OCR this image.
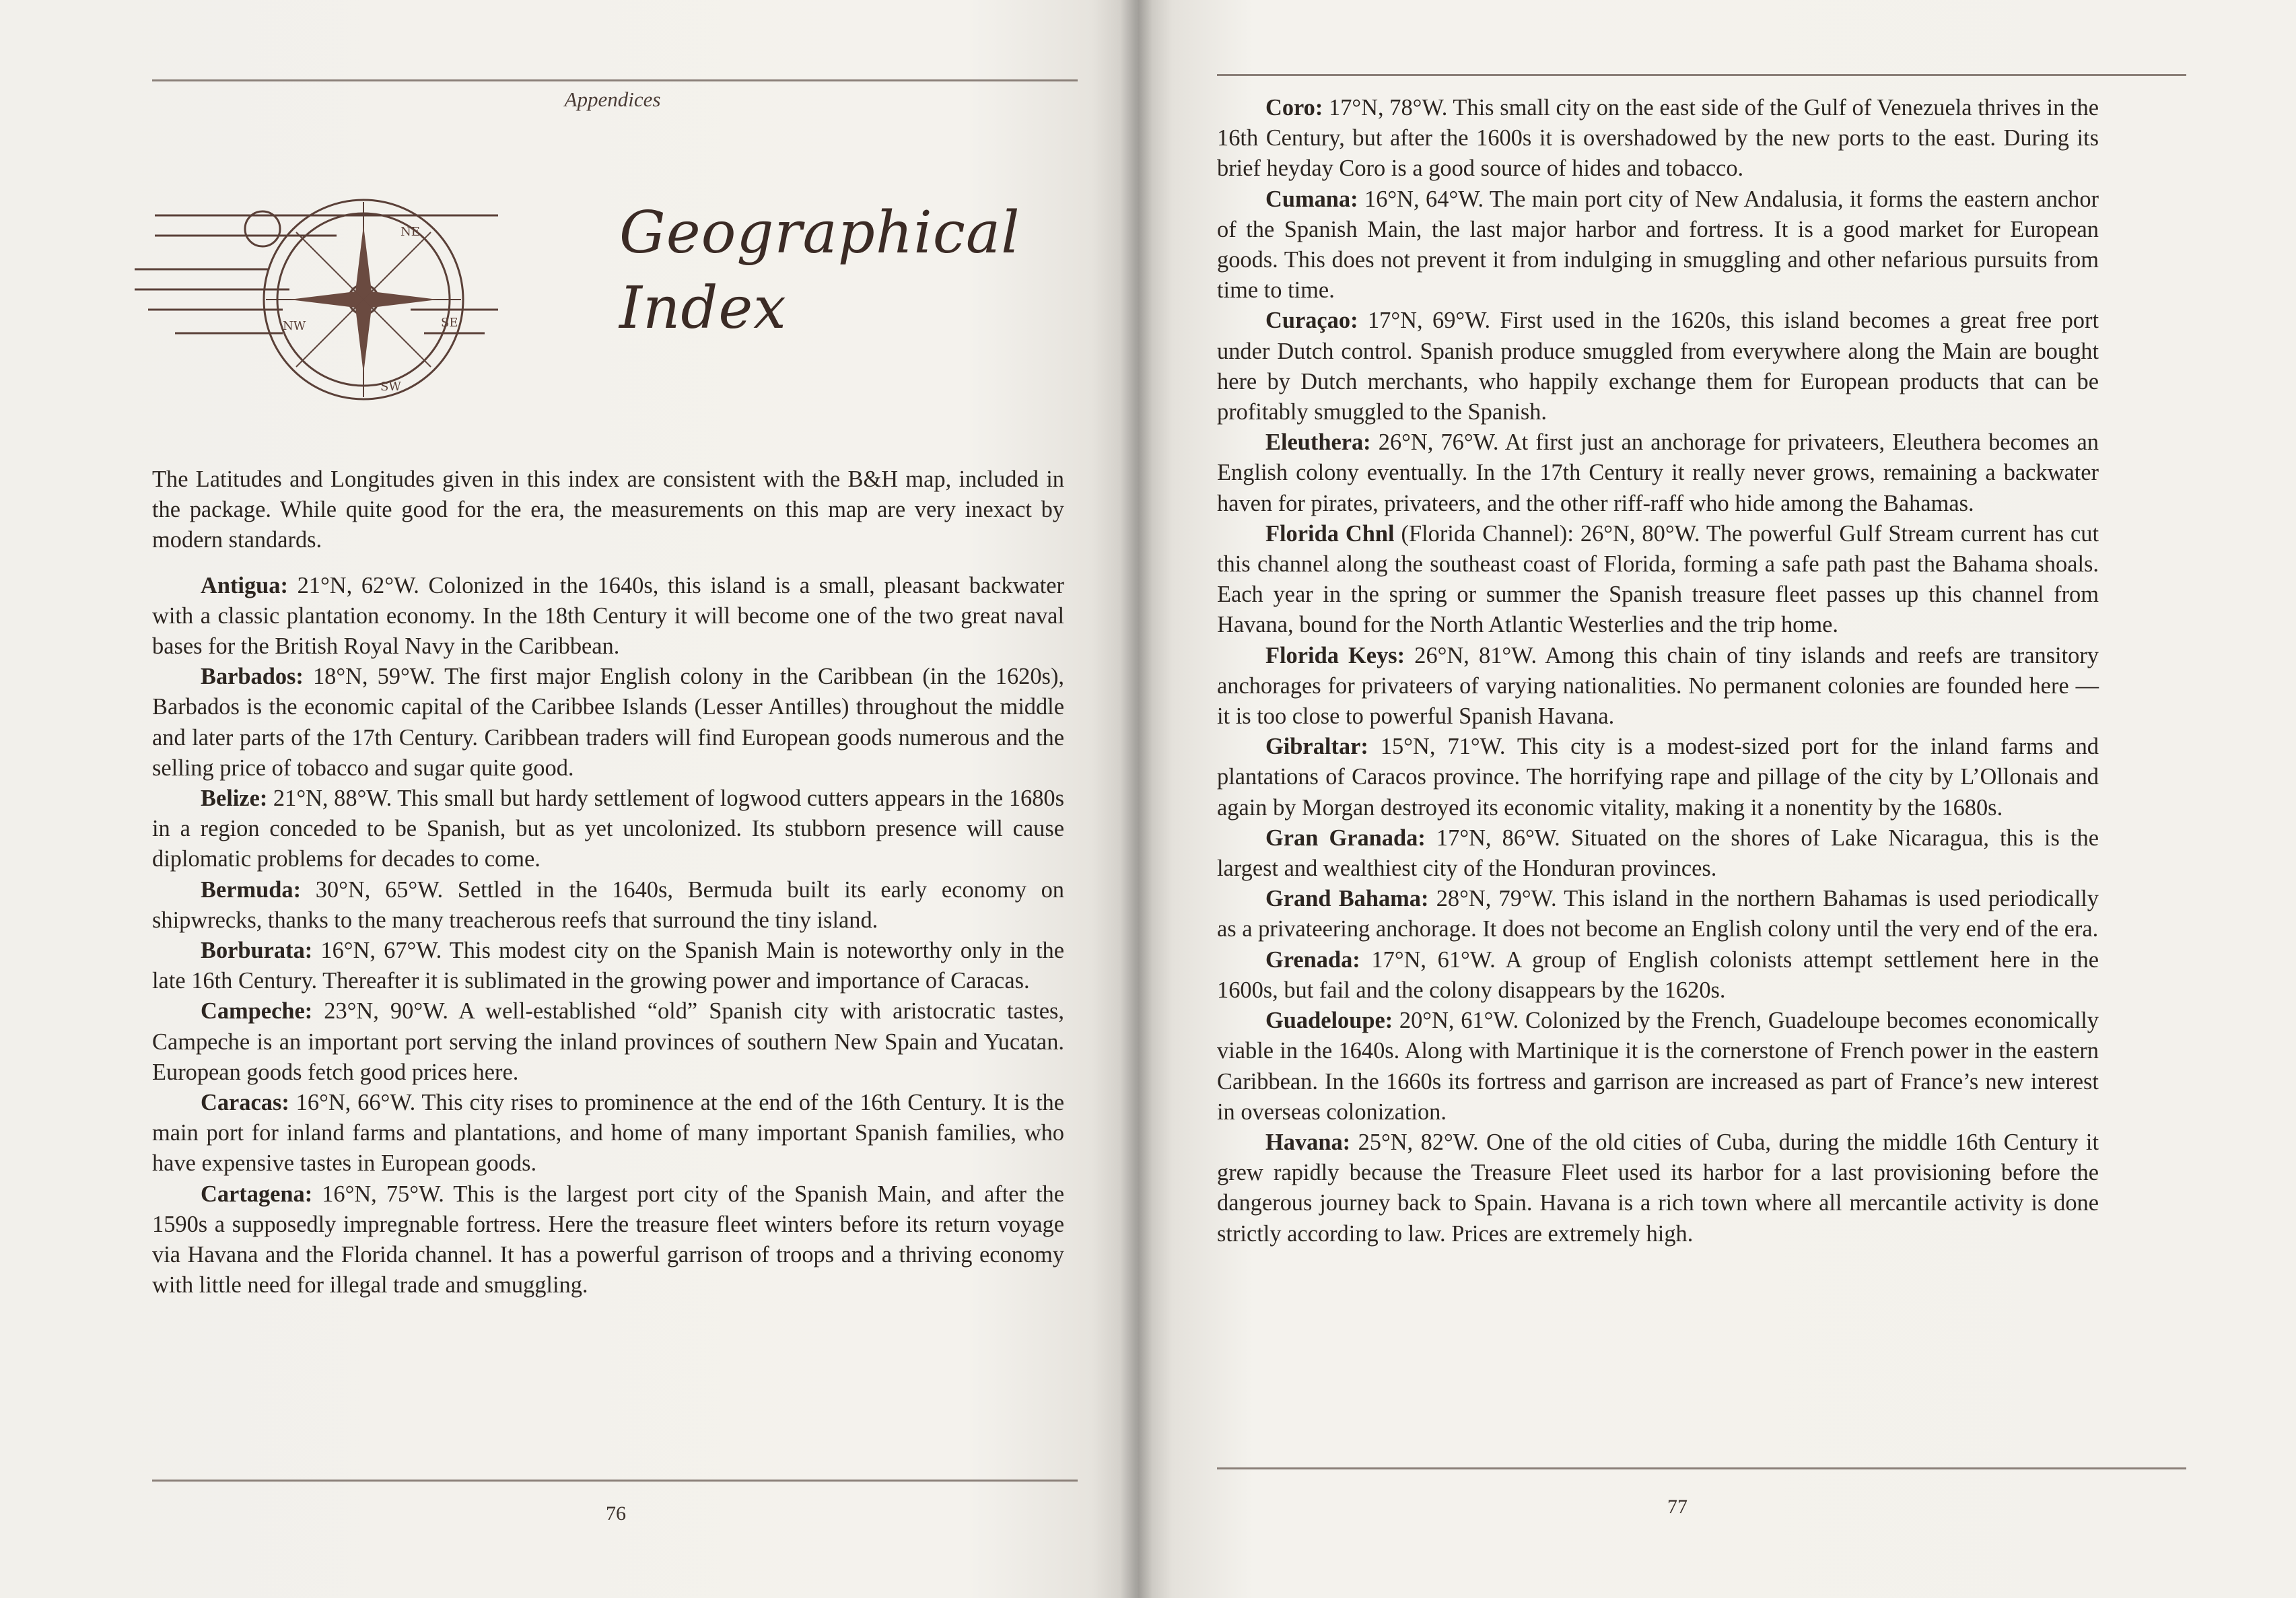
Appendices
NE
SE
NW
SW
Geographical
Index

The Latitudes and Longitudes given in this index are consistent with the B&H map, included in the package. While quite good for the era, the measurements on this map are very inexact by modern standards.

Antigua: 21°N, 62°W. Colonized in the 1640s, this island is a small, pleasant backwater with a classic plantation economy. In the 18th Century it will become one of the two great naval bases for the British Royal Navy in the Caribbean.

Barbados: 18°N, 59°W. The first major English colony in the Caribbean (in the 1620s), Barbados is the economic capital of the Caribbee Islands (Lesser Antilles) throughout the middle and later parts of the 17th Century. Caribbean traders will find European goods numerous and the selling price of tobacco and sugar quite good.

Belize: 21°N, 88°W. This small but hardy settlement of logwood cutters appears in the 1680s in a region conceded to be Spanish, but as yet uncolonized. Its stubborn presence will cause diplomatic problems for decades to come.

Bermuda: 30°N, 65°W. Settled in the 1640s, Bermuda built its early economy on shipwrecks, thanks to the many treacherous reefs that surround the tiny island.

Borburata: 16°N, 67°W. This modest city on the Spanish Main is noteworthy only in the late 16th Century. Thereafter it is sublimated in the growing power and importance of Caracas.

Campeche: 23°N, 90°W. A well-established “old” Spanish city with aristocratic tastes, Campeche is an important port serving the inland provinces of southern New Spain and Yucatan. European goods fetch good prices here.

Caracas: 16°N, 66°W. This city rises to prominence at the end of the 16th Century. It is the main port for inland farms and plantations, and home of many important Spanish families, who have expensive tastes in European goods.

Cartagena: 16°N, 75°W. This is the largest port city of the Spanish Main, and after the 1590s a supposedly impregnable fortress. Here the treasure fleet winters before its return voyage via Havana and the Florida channel. It has a powerful garrison of troops and a thriving economy with little need for illegal trade and smuggling.

76

Coro: 17°N, 78°W. This small city on the east side of the Gulf of Venezuela thrives in the 16th Century, but after the 1600s it is overshadowed by the new ports to the east. During its brief heyday Coro is a good source of hides and tobacco.

Cumana: 16°N, 64°W. The main port city of New Andalusia, it forms the eastern anchor of the Spanish Main, the last major harbor and fortress. It is a good market for European goods. This does not prevent it from indulging in smuggling and other nefarious pursuits from time to time.

Curaçao: 17°N, 69°W. First used in the 1620s, this island becomes a great free port under Dutch control. Spanish produce smuggled from everywhere along the Main are bought here by Dutch merchants, who happily exchange them for European products that can be profitably smuggled to the Spanish.

Eleuthera: 26°N, 76°W. At first just an anchorage for privateers, Eleuthera becomes an English colony eventually. In the 17th Century it really never grows, remaining a backwater haven for pirates, privateers, and the other riff-raff who hide among the Bahamas.

Florida Chnl (Florida Channel): 26°N, 80°W. The powerful Gulf Stream current has cut this channel along the southeast coast of Florida, forming a safe path past the Bahama shoals. Each year in the spring or summer the Spanish treasure fleet passes up this channel from Havana, bound for the North Atlantic Westerlies and the trip home.

Florida Keys: 26°N, 81°W. Among this chain of tiny islands and reefs are transitory anchorages for privateers of varying nationalities. No permanent colonies are founded here — it is too close to powerful Spanish Havana.

Gibraltar: 15°N, 71°W. This city is a modest-sized port for the inland farms and plantations of Caracos province. The horrifying rape and pillage of the city by L’Ollonais and again by Morgan destroyed its economic vitality, making it a nonentity by the 1680s.

Gran Granada: 17°N, 86°W. Situated on the shores of Lake Nicaragua, this is the largest and wealthiest city of the Honduran provinces.

Grand Bahama: 28°N, 79°W. This island in the northern Bahamas is used periodically as a privateering anchorage. It does not become an English colony until the very end of the era.

Grenada: 17°N, 61°W. A group of English colonists attempt settlement here in the 1600s, but fail and the colony disappears by the 1620s.

Guadeloupe: 20°N, 61°W. Colonized by the French, Guadeloupe becomes economically viable in the 1640s. Along with Martinique it is the cornerstone of French power in the eastern Caribbean. In the 1660s its fortress and garrison are increased as part of France’s new interest in overseas colonization.

Havana: 25°N, 82°W. One of the old cities of Cuba, during the middle 16th Century it grew rapidly because the Treasure Fleet used its harbor for a last provisioning before the dangerous journey back to Spain. Havana is a rich town where all mercantile activity is done strictly according to law. Prices are extremely high.

77
